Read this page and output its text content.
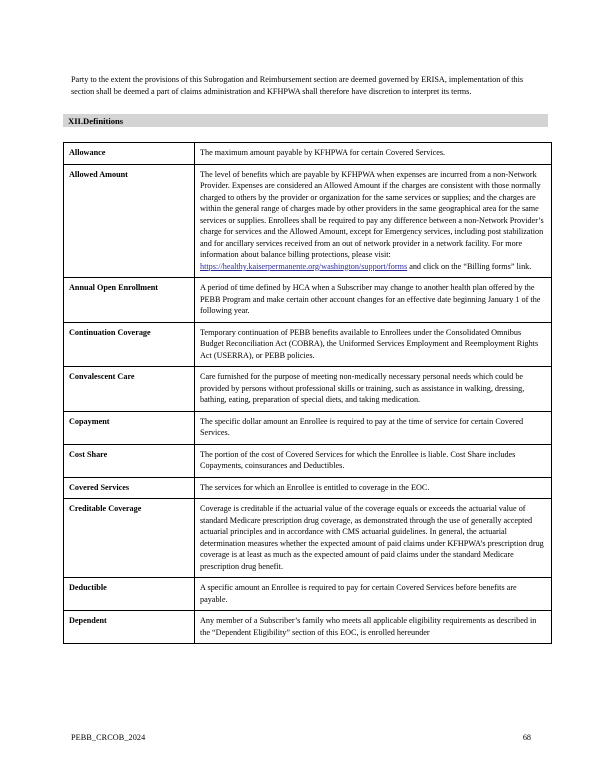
Party to the extent the provisions of this Subrogation and Reimbursement section are deemed governed by ERISA, implementation of this section shall be deemed a part of claims administration and KFHPWA shall therefore have discretion to interpret its terms.

XII. Definitions
Allowance	The maximum amount payable by KFHPWA for certain Covered Services.
Allowed Amount	The level of benefits which are payable by KFHPWA when expenses are incurred from a non-Network Provider. Expenses are considered an Allowed Amount if the charges are consistent with those normally charged to others by the provider or organization for the same services or supplies; and the charges are within the general range of charges made by other providers in the same geographical area for the same services or supplies. Enrollees shall be required to pay any difference between a non-Network Provider’s charge for services and the Allowed Amount, except for Emergency services, including post stabilization and for ancillary services received from an out of network provider in a network facility. For more information about balance billing protections, please visit: https://healthy.kaiserpermanente.org/washington/support/forms and click on the “Billing forms” link.
Annual Open Enrollment	A period of time defined by HCA when a Subscriber may change to another health plan offered by the PEBB Program and make certain other account changes for an effective date beginning January 1 of the following year.
Continuation Coverage	Temporary continuation of PEBB benefits available to Enrollees under the Consolidated Omnibus Budget Reconciliation Act (COBRA), the Uniformed Services Employment and Reemployment Rights Act (USERRA), or PEBB policies.
Convalescent Care	Care furnished for the purpose of meeting non-medically necessary personal needs which could be provided by persons without professional skills or training, such as assistance in walking, dressing, bathing, eating, preparation of special diets, and taking medication.
Copayment	The specific dollar amount an Enrollee is required to pay at the time of service for certain Covered Services.
Cost Share	The portion of the cost of Covered Services for which the Enrollee is liable. Cost Share includes Copayments, coinsurances and Deductibles.
Covered Services	The services for which an Enrollee is entitled to coverage in the EOC.
Creditable Coverage	Coverage is creditable if the actuarial value of the coverage equals or exceeds the actuarial value of standard Medicare prescription drug coverage, as demonstrated through the use of generally accepted actuarial principles and in accordance with CMS actuarial guidelines. In general, the actuarial determination measures whether the expected amount of paid claims under KFHPWA’s prescription drug coverage is at least as much as the expected amount of paid claims under the standard Medicare prescription drug benefit.
Deductible	A specific amount an Enrollee is required to pay for certain Covered Services before benefits are payable.
Dependent	Any member of a Subscriber’s family who meets all applicable eligibility requirements as described in the “Dependent Eligibility” section of this EOC, is enrolled hereunder
PEBB_CRCOB_2024	68
